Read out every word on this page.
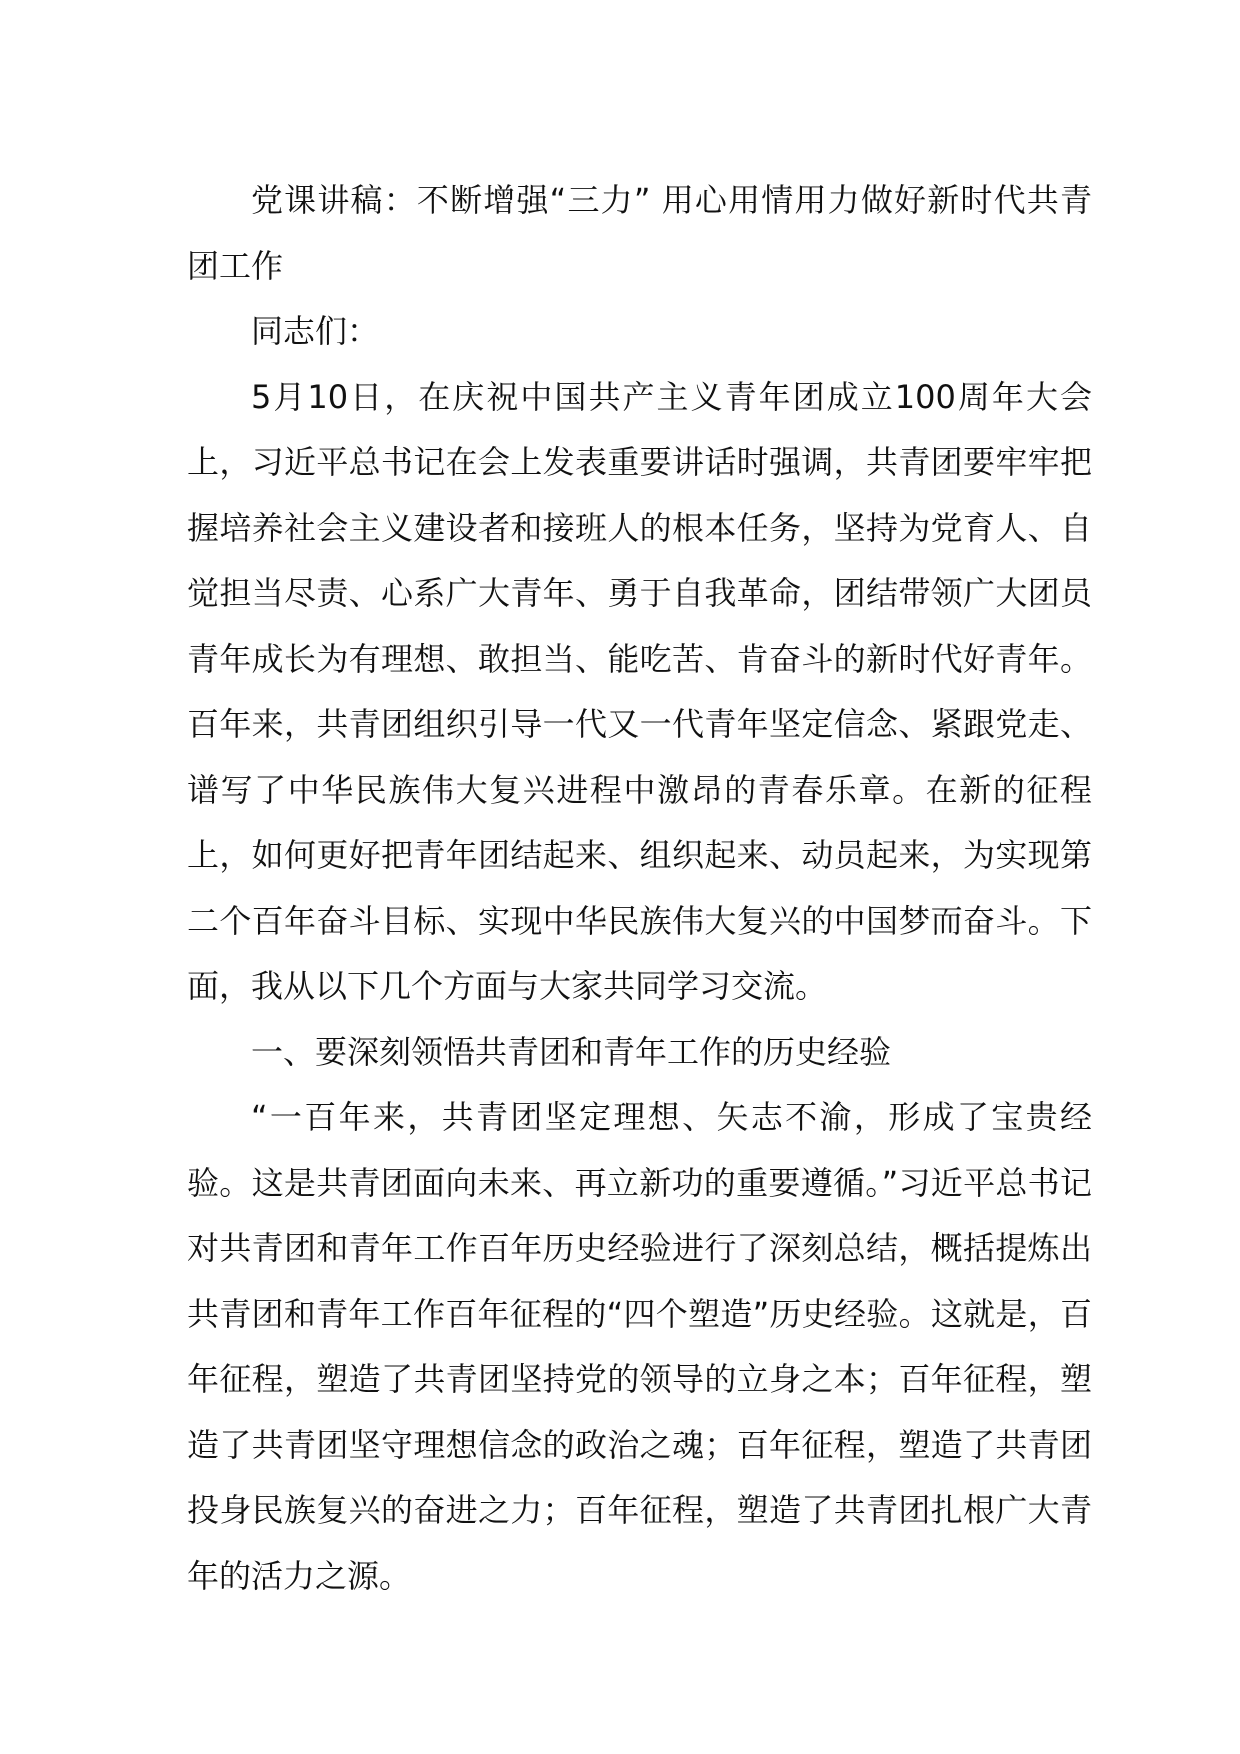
党课讲稿：不断增强“三力” 用心用情用力做好新时代共青团工作

同志们：

5月10日，在庆祝中国共产主义青年团成立100周年大会上，习近平总书记在会上发表重要讲话时强调，共青团要牢牢把握培养社会主义建设者和接班人的根本任务，坚持为党育人、自觉担当尽责、心系广大青年、勇于自我革命，团结带领广大团员青年成长为有理想、敢担当、能吃苦、肯奋斗的新时代好青年。百年来，共青团组织引导一代又一代青年坚定信念、紧跟党走、谱写了中华民族伟大复兴进程中激昂的青春乐章。在新的征程上，如何更好把青年团结起来、组织起来、动员起来，为实现第二个百年奋斗目标、实现中华民族伟大复兴的中国梦而奋斗。下面，我从以下几个方面与大家共同学习交流。

一、要深刻领悟共青团和青年工作的历史经验

“一百年来，共青团坚定理想、矢志不渝，形成了宝贵经验。这是共青团面向未来、再立新功的重要遵循。”习近平总书记对共青团和青年工作百年历史经验进行了深刻总结，概括提炼出共青团和青年工作百年征程的“四个塑造”历史经验。这就是，百年征程，塑造了共青团坚持党的领导的立身之本；百年征程，塑造了共青团坚守理想信念的政治之魂；百年征程，塑造了共青团投身民族复兴的奋进之力；百年征程，塑造了共青团扎根广大青年的活力之源。
